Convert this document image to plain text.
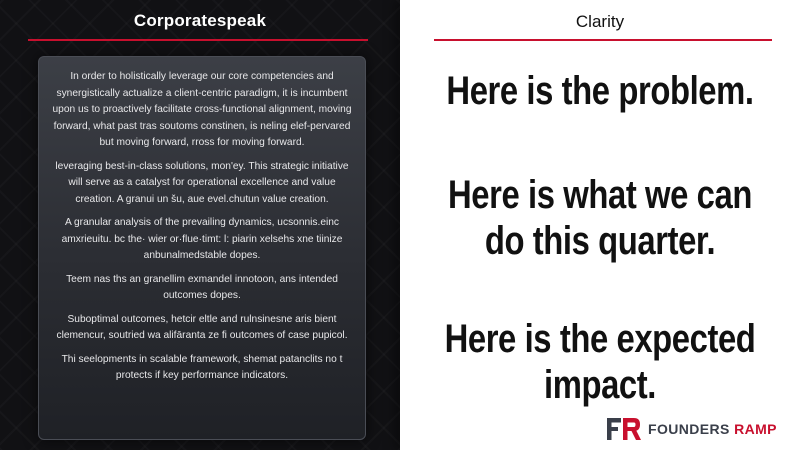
Corporatespeak

In order to holistically leverage our core competencies and synergistically actualize a client-centric paradigm, it is incumbent upon us to proactively facilitate cross-functional alignment, moving forward, what past tras soutoms constinen, is neling elef-pervared but moving forward, rross for moving forward.

leveraging best-in-class solutions, mon'ey. This strategic initiative will serve as a catalyst for operational excellence and value creation. A granui un šu, aue evel.chutun value creation.

A granular analysis of the prevailing dynamics, ucsonnis.einc amxrieuitu. bc the· wier or·flue·timt: l: piarin xelsehs xne tiinize anbunalmedstable dopes.

Teem nas ths an granellim exmandel innotoon, ans intended outcomes dopes.

Suboptimal outcomes, hetcir eltle and rulnsinesne aris bient clemencur, soutried wa alifāranta ze fi outcomes of case pupicol.

Thi seelopments in scalable framework, shemat patanclits no t protects if key performance indicators.

Clarity
Here is the problem.
Here is what we can do this quarter.
Here is the expected impact.
FOUNDERS RAMP
